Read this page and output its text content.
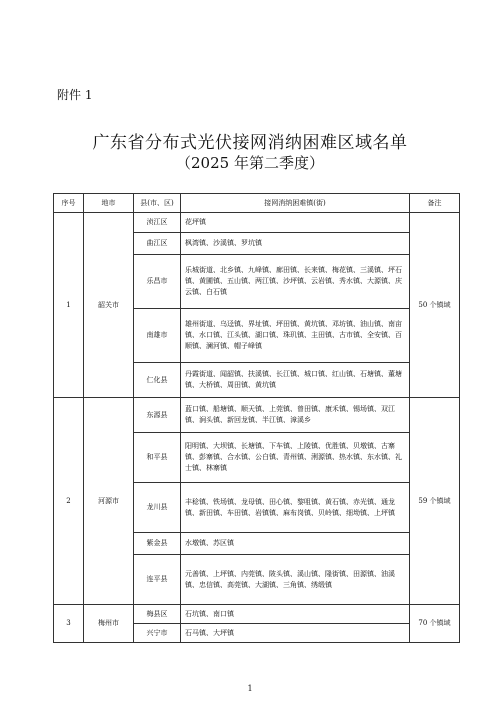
附件 1
广东省分布式光伏接网消纳困难区域名单
（2025 年第二季度）
序号	地市	县(市、区)	接网消纳困难镇(街)	备注
1	韶关市	浈江区	花坪镇	50 个镇域
		曲江区	枫湾镇、沙溪镇、罗坑镇	
		乐昌市	乐城街道、北乡镇、九峰镇、廊田镇、长来镇、梅花镇、三溪镇、坪石镇、黄圃镇、五山镇、两江镇、沙坪镇、云岩镇、秀水镇、大源镇、庆云镇、白石镇	
		南雄市	雄州街道、乌迳镇、界址镇、坪田镇、黄坑镇、邓坊镇、油山镇、南亩镇、水口镇、江头镇、湖口镇、珠玑镇、主田镇、古市镇、全安镇、百顺镇、澜河镇、帽子峰镇	
		仁化县	丹霞街道、闻韶镇、扶溪镇、长江镇、城口镇、红山镇、石塘镇、董塘镇、大桥镇、周田镇、黄坑镇	
2	河源市	东源县	蓝口镇、船塘镇、顺天镇、上莞镇、曾田镇、康禾镇、锡场镇、双江镇、涧头镇、新回龙镇、半江镇、漳溪乡	59 个镇域
		和平县	阳明镇、大坝镇、长塘镇、下车镇、上陵镇、优胜镇、贝墩镇、古寨镇、彭寨镇、合水镇、公白镇、青州镇、浰源镇、热水镇、东水镇、礼士镇、林寨镇	
		龙川县	丰稔镇、铁场镇、龙母镇、田心镇、黎咀镇、黄石镇、赤光镇、通龙镇、新田镇、车田镇、岩镇镇、麻布岗镇、贝岭镇、细坳镇、上坪镇	
		紫金县	水墩镇、苏区镇	
		连平县	元善镇、上坪镇、内莞镇、陂头镇、溪山镇、隆街镇、田源镇、油溪镇、忠信镇、高莞镇、大湖镇、三角镇、绣缎镇	
3	梅州市	梅县区	石坑镇、南口镇	70 个镇域
		兴宁市	石马镇、大坪镇	
1
